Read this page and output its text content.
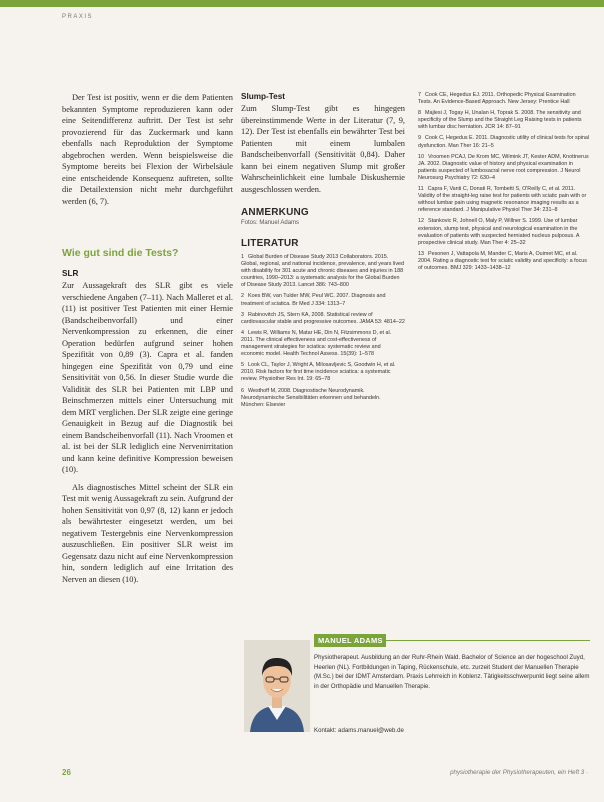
PRAXIS

Der Test ist positiv, wenn er die dem Patienten bekannten Symptome reproduzieren kann oder eine Seitendifferenz auftritt. Der Test ist sehr provozierend für das Zuckermark und kann ebenfalls nach Reproduktion der Symptome abgebrochen werden. Wenn beispielsweise die Symptome bereits bei Flexion der Wirbelsäule eine entscheidende Konsequenz auftreten, sollte die Detailextension nicht mehr durchgeführt werden (6, 7).

Wie gut sind die Tests?

SLR

Zur Aussagekraft des SLR gibt es viele verschiedene Angaben (7–11). Nach Malleret et al. (11) ist positiver Test Patienten mit einer Hernie (Bandscheibenvorfall) und einer Nervenkompression zu erkennen, die einer Operation bedürfen aufgrund seiner hohen Spezifität von 0,89 (3). Capra et al. fanden hingegen eine Spezifität von 0,79 und eine Sensitivität von 0,56. In dieser Studie wurde die Validität des SLR bei Patienten mit LBP und Beinschmerzen mittels einer Untersuchung mit dem MRT verglichen. Der SLR zeigte eine geringe Genauigkeit in Bezug auf die Diagnostik bei einem Bandscheibenvorfall (11). Nach Vroomen et al. ist bei der SLR lediglich eine Nervenirritation und kann keine definitive Kompression beweisen (10).

Als diagnostisches Mittel scheint der SLR ein Test mit wenig Aussagekraft zu sein. Aufgrund der hohen Sensitivität von 0,97 (8, 12) kann er jedoch als bewährtester eingesetzt werden, um bei negativem Testergebnis eine Nervenkompression auszuschließen. Ein positiver SLR weist im Gegensatz dazu nicht auf eine Nervenkompression hin, sondern lediglich auf eine Irritation des Nerven an diesen (10).

Slump-Test

Zum Slump-Test gibt es hingegen übereinstimmende Werte in der Literatur (7, 9, 12). Der Test ist ebenfalls ein bewährter Test bei Patienten mit einem lumbalen Bandscheibenvorfall (Sensitivität 0,84). Daher kann bei einem negativen Slump mit großer Wahrscheinlichkeit eine lumbale Diskushernie ausgeschlossen werden.

ANMERKUNG

Fotos: Manuel Adams

LITERATUR

1 Global Burden of Disease Study 2013 Collaborators. 2015. Global, regional, and national incidence, prevalence, and years lived with disability for 301 acute and chronic diseases and injuries in 188 countries, 1990–2013: a systematic analysis for the Global Burden of Disease Study 2013. Lancet 386: 743–800

2 Koes BW, van Tulder MW, Peul WC. 2007. Diagnosis and treatment of sciatica. Br Med J 334: 1313–7

3 Rabinovitch JS, Stern KA, 2008. Statistical review of cardiovascular stable and progressive outcomes. JAMA 53: 4814–22

4 Lewis R, Williams N, Matar HE, Din N, Fitzsimmons D, et al. 2011. The clinical effectiveness and cost-effectiveness of management strategies for sciatica: systematic review and economic model. Health Technol Assess. 15(39): 1–578

5 Look CL, Taylor J, Wright A, Milosavljevic S, Goodwin H, et al. 2010. Risk factors for first time incidence sciatica: a systematic review. Physiother Res Int. 19: 65–78

6 Westhoff M, 2008. Diagnostische Neurodynamik. Neurodynamische Sensibilitäten erkennen und behandeln. München: Elsevier

7 Cook CE, Hegedus EJ. 2011. Orthopedic Physical Examination Tests. An Evidence-Based Approach. New Jersey: Prentice Hall

8 Majlesi J, Togay H, Unalan H, Toprak S. 2008. The sensitivity and specificity of the Slump and the Straight Leg Raising tests in patients with lumbar disc herniation. JCR 14: 87–91

9 Cook C, Hegedus E. 2011. Diagnostic utility of clinical tests for spinal dysfunction. Man Ther 16: 21–5

10 Vroomen PCAJ, De Krom MC, Wilmink JT, Kester ADM, Knottnerus JA. 2002. Diagnostic value of history and physical examination in patients suspected of lumbosacral nerve root compression. J Neurol Neurosurg Psychiatry 72: 630–4

11 Capra F, Vanti C, Donati R, Tombetti S, O'Reilly C, et al. 2011. Validity of the straight-leg raise test for patients with sciatic pain with or without lumbar pain using magnetic resonance imaging results as a reference standard. J Manipulative Physiol Ther 34: 231–8

12 Stankovic R, Johnell O, Maly P, Willner S. 1999. Use of lumbar extension, slump test, physical and neurological examination in the evaluation of patients with suspected herniated nucleus pulposus. A prospective clinical study. Man Ther 4: 25–32

13 Pesonen J, Vattapola M, Mander C, Maris A, Ouimet MC, et al. 2004. Rating a diagnostic test for sciatic validity and specificity: a focus of outcomes. BMJ 329: 1433–1438–12

MANUEL ADAMS

Physiotherapeut. Ausbildung an der Ruhr-Rhein Wald. Bachelor of Science an der hogeschool Zuyd, Heerlen (NL). Fortbildungen in Taping, Rückenschule, etc. zurzeit Student der Manuellen Therapie (M.Sc.) bei der IDMT Amsterdam. Praxis Lehrreich in Koblenz. Tätigkeitsschwerpunkt liegt seine allem in der Orthopädie und Manuellen Therapie.

Kontakt: adams.manuel@web.de

26	physiotherapie der Physiotherapeuten, ein Heft 3 ·
